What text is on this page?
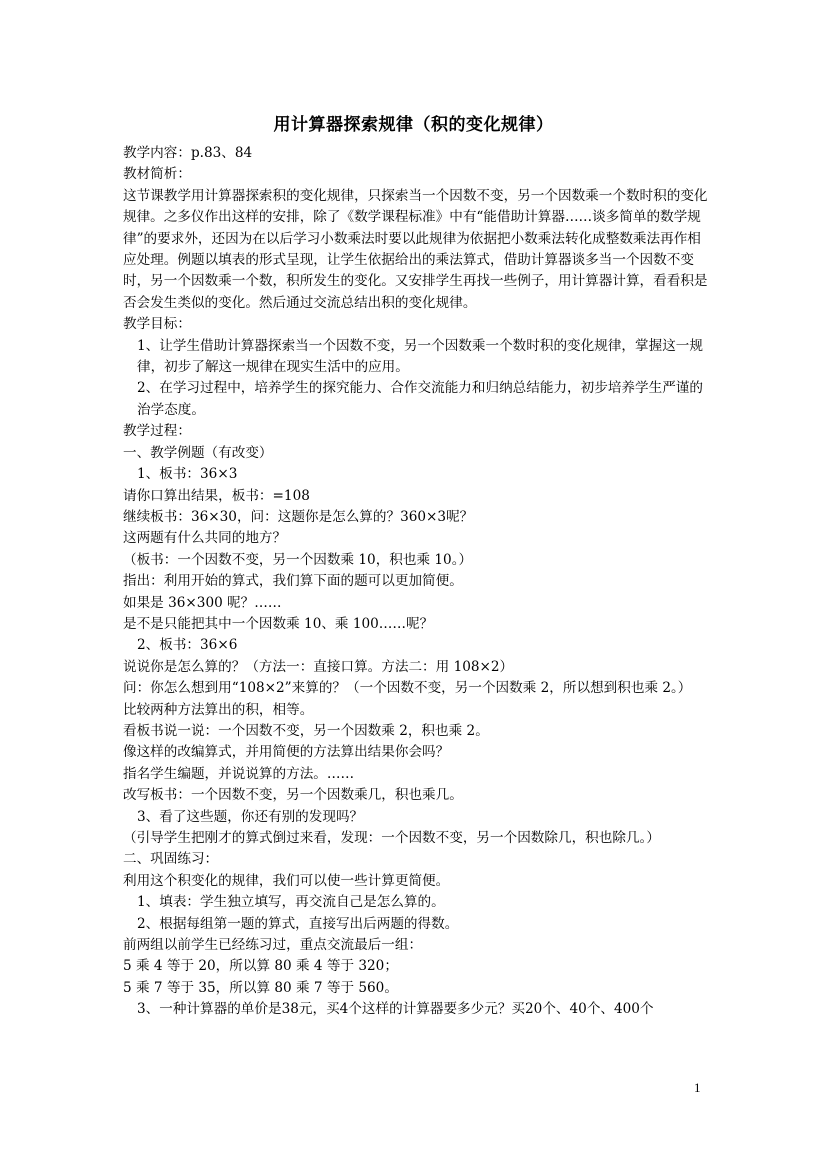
用计算器探索规律（积的变化规律）

教学内容：p.83、84

教材简析：

这节课教学用计算器探索积的变化规律，只探索当一个因数不变，另一个因数乘一个数时积的变化规律。之多仪作出这样的安排，除了《数学课程标准》中有“能借助计算器……谈多简单的数学规律”的要求外，还因为在以后学习小数乘法时要以此规律为依据把小数乘法转化成整数乘法再作相应处理。例题以填表的形式呈现，让学生依据给出的乘法算式，借助计算器谈多当一个因数不变时，另一个因数乘一个数，积所发生的变化。又安排学生再找一些例子，用计算器计算，看看积是否会发生类似的变化。然后通过交流总结出积的变化规律。

教学目标：

1、让学生借助计算器探索当一个因数不变，另一个因数乘一个数时积的变化规律，掌握这一规律，初步了解这一规律在现实生活中的应用。

2、在学习过程中，培养学生的探究能力、合作交流能力和归纳总结能力，初步培养学生严谨的治学态度。

教学过程：

一、教学例题（有改变）

1、板书：36×3

请你口算出结果，板书：=108

继续板书：36×30，问：这题你是怎么算的？360×3呢？

这两题有什么共同的地方？

（板书：一个因数不变，另一个因数乘 10，积也乘 10。）

指出：利用开始的算式，我们算下面的题可以更加简便。

如果是 36×300 呢？……

是不是只能把其中一个因数乘 10、乘 100……呢？

2、板书：36×6

说说你是怎么算的？（方法一：直接口算。方法二：用 108×2）

问：你怎么想到用“108×2”来算的？（一个因数不变，另一个因数乘 2，所以想到积也乘 2。）

比较两种方法算出的积，相等。

看板书说一说：一个因数不变，另一个因数乘 2，积也乘 2。

像这样的改编算式，并用简便的方法算出结果你会吗？

指名学生编题，并说说算的方法。……

改写板书：一个因数不变，另一个因数乘几，积也乘几。

3、看了这些题，你还有别的发现吗？

（引导学生把刚才的算式倒过来看，发现：一个因数不变，另一个因数除几，积也除几。）

二、巩固练习：

利用这个积变化的规律，我们可以使一些计算更简便。

1、填表：学生独立填写，再交流自己是怎么算的。

2、根据每组第一题的算式，直接写出后两题的得数。

前两组以前学生已经练习过，重点交流最后一组：

5 乘 4 等于 20，所以算 80 乘 4 等于 320；

5 乘 7 等于 35，所以算 80 乘 7 等于 560。

3、一种计算器的单价是38元，买4个这样的计算器要多少元？买20个、40个、400个

1
